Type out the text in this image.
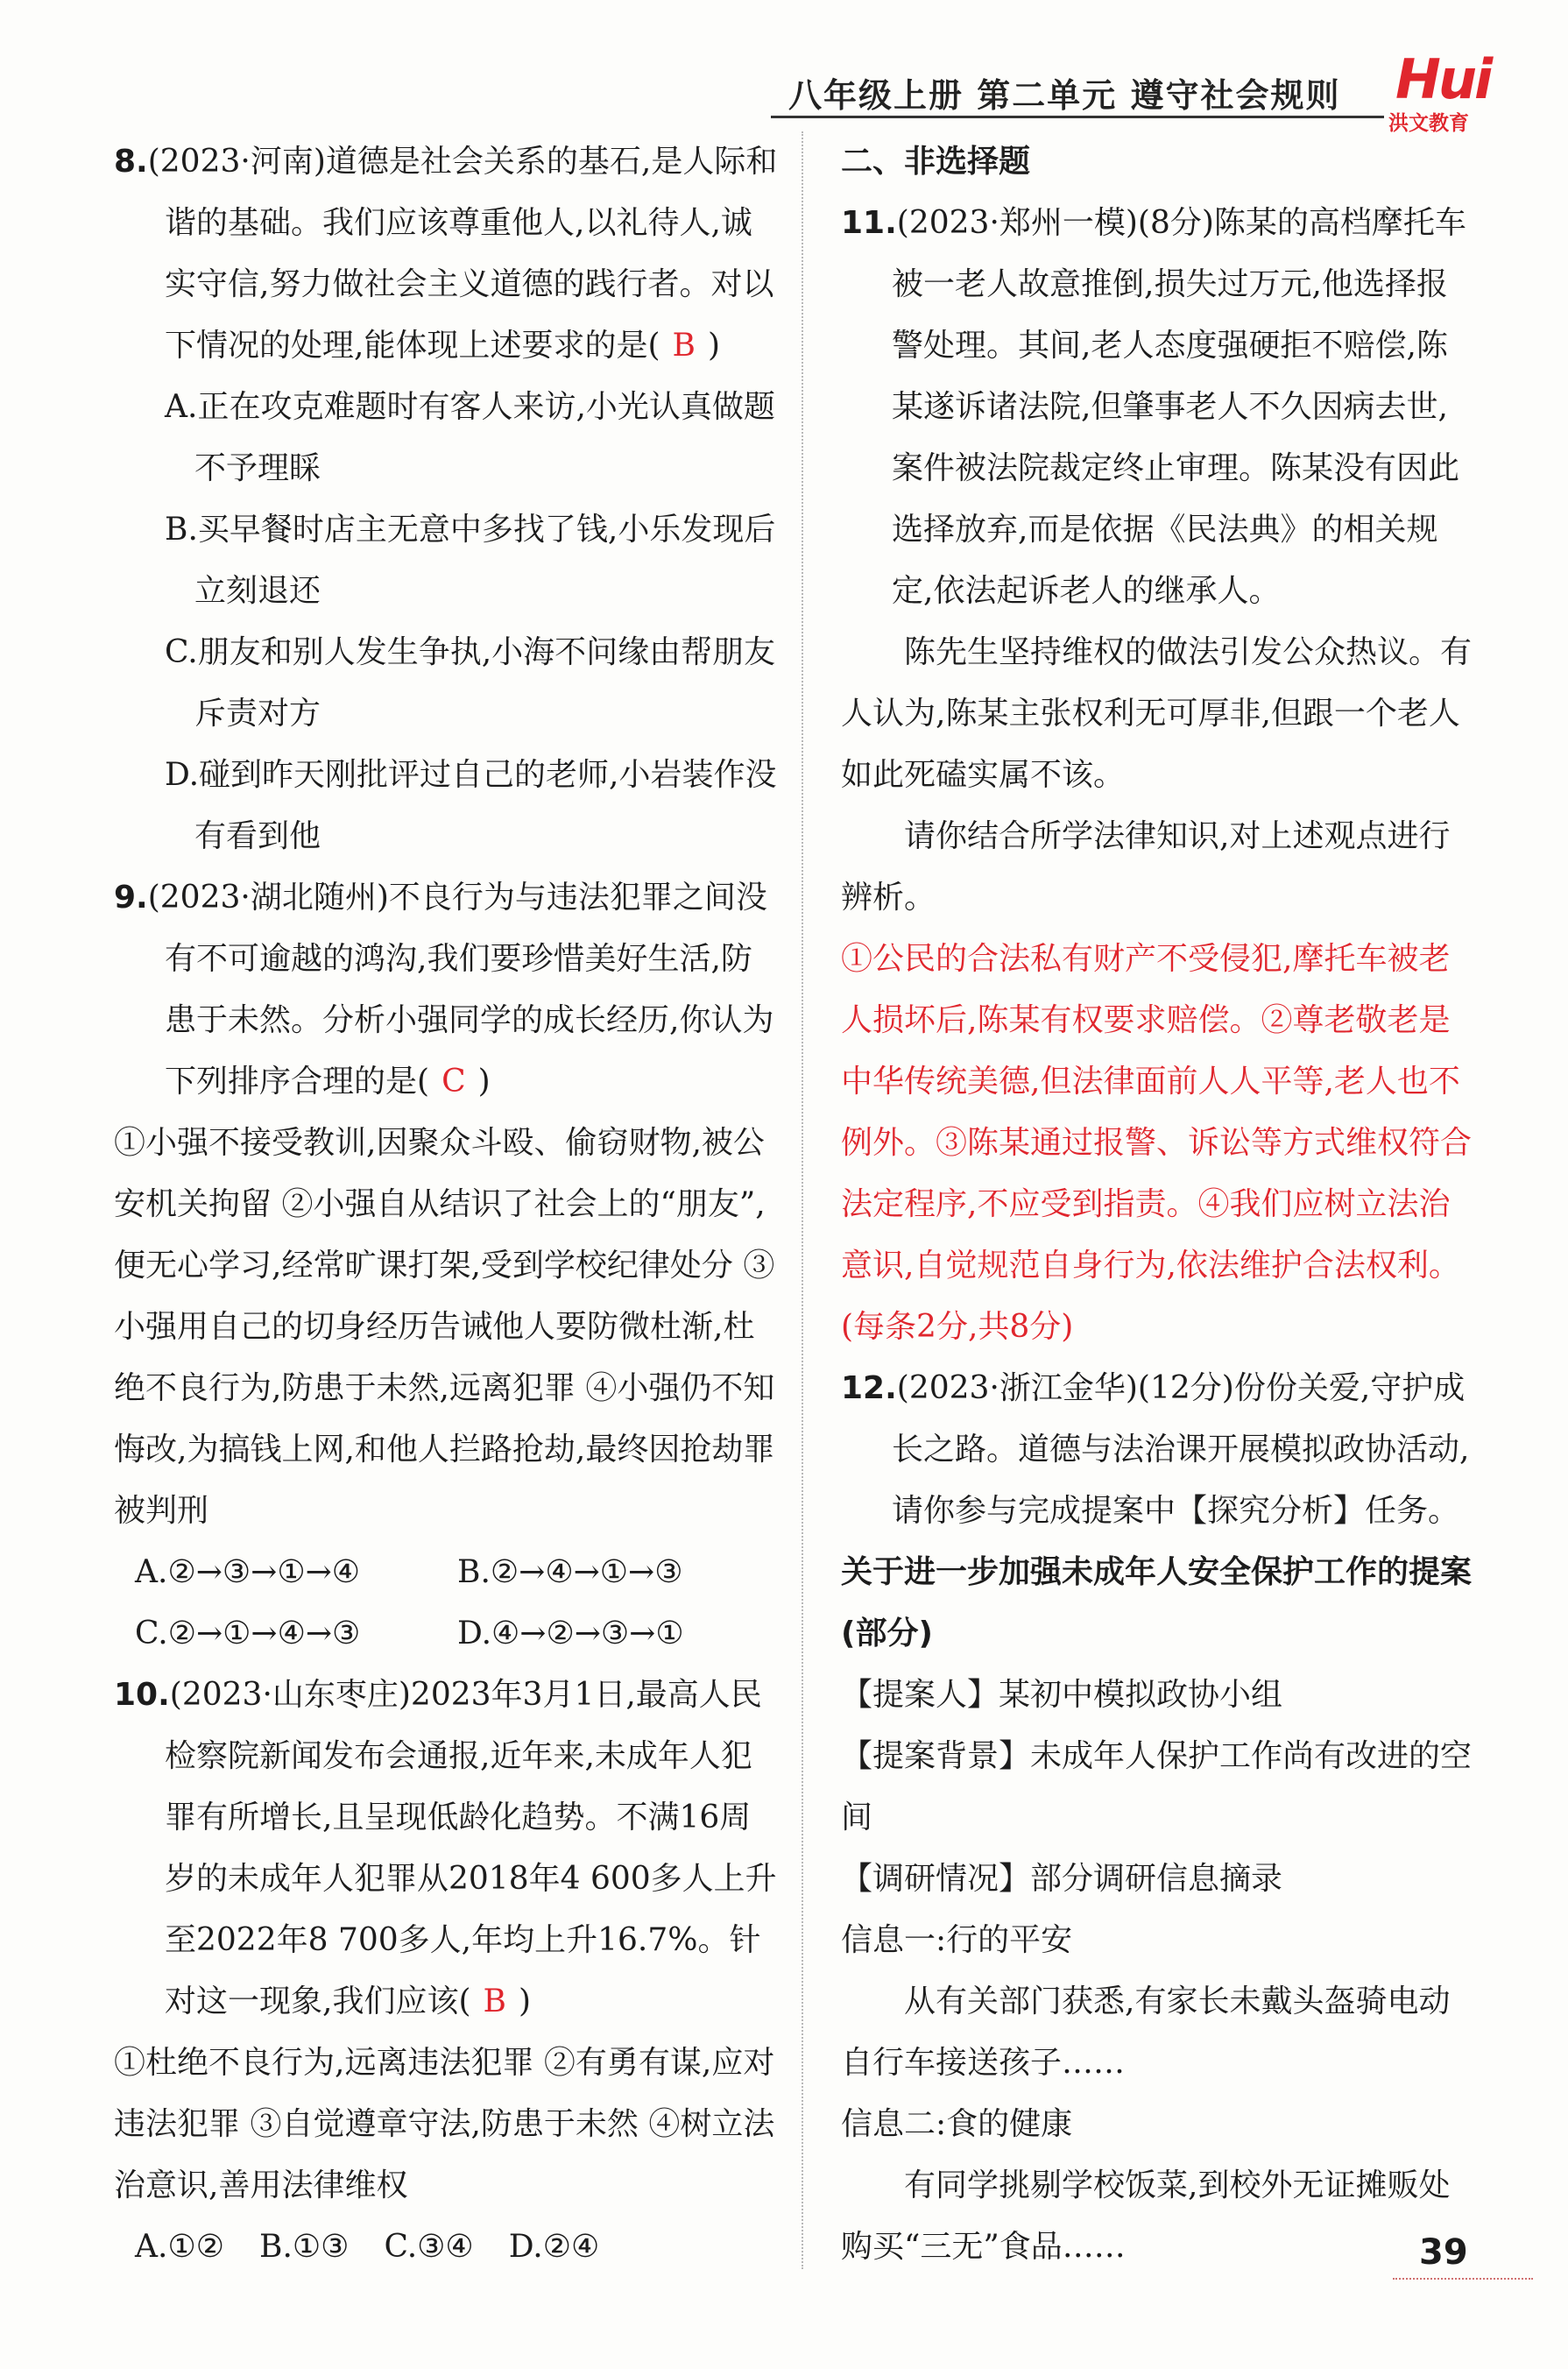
八年级上册 第二单元 遵守社会规则 Hui
洪文教育

8.(2023·河南)道德是社会关系的基石,是人际和谐的基础。我们应该尊重他人,以礼待人,诚实守信,努力做社会主义道德的践行者。对以下情况的处理,能体现上述要求的是( B )

A.正在攻克难题时有客人来访,小光认真做题不予理睬

B.买早餐时店主无意中多找了钱,小乐发现后立刻退还

C.朋友和别人发生争执,小海不问缘由帮朋友斥责对方

D.碰到昨天刚批评过自己的老师,小岩装作没有看到他

9.(2023·湖北随州)不良行为与违法犯罪之间没有不可逾越的鸿沟,我们要珍惜美好生活,防患于未然。分析小强同学的成长经历,你认为下列排序合理的是( C )

①小强不接受教训,因聚众斗殴、偷窃财物,被公安机关拘留 ②小强自从结识了社会上的“朋友”,便无心学习,经常旷课打架,受到学校纪律处分 ③小强用自己的切身经历告诫他人要防微杜渐,杜绝不良行为,防患于未然,远离犯罪 ④小强仍不知悔改,为搞钱上网,和他人拦路抢劫,最终因抢劫罪被判刑

A.②→③→①→④	B.②→④→①→③
C.②→①→④→③	D.④→②→③→①

10.(2023·山东枣庄)2023年3月1日,最高人民检察院新闻发布会通报,近年来,未成年人犯罪有所增长,且呈现低龄化趋势。不满16周岁的未成年人犯罪从2018年4 600多人上升至2022年8 700多人,年均上升16.7%。针对这一现象,我们应该( B )

①杜绝不良行为,远离违法犯罪 ②有勇有谋,应对违法犯罪 ③自觉遵章守法,防患于未然 ④树立法治意识,善用法律维权

A.①② B.①③ C.③④ D.②④

二、非选择题

11.(2023·郑州一模)(8分)陈某的高档摩托车被一老人故意推倒,损失过万元,他选择报警处理。其间,老人态度强硬拒不赔偿,陈某遂诉诸法院,但肇事老人不久因病去世,案件被法院裁定终止审理。陈某没有因此选择放弃,而是依据《民法典》的相关规定,依法起诉老人的继承人。

陈先生坚持维权的做法引发公众热议。有人认为,陈某主张权利无可厚非,但跟一个老人如此死磕实属不该。

请你结合所学法律知识,对上述观点进行辨析。

①公民的合法私有财产不受侵犯,摩托车被老人损坏后,陈某有权要求赔偿。②尊老敬老是中华传统美德,但法律面前人人平等,老人也不例外。③陈某通过报警、诉讼等方式维权符合法定程序,不应受到指责。④我们应树立法治意识,自觉规范自身行为,依法维护合法权利。(每条2分,共8分)

12.(2023·浙江金华)(12分)份份关爱,守护成长之路。道德与法治课开展模拟政协活动,请你参与完成提案中【探究分析】任务。

关于进一步加强未成年人安全保护工作的提案(部分)

【提案人】某初中模拟政协小组

【提案背景】未成年人保护工作尚有改进的空间

【调研情况】部分调研信息摘录

信息一:行的平安

从有关部门获悉,有家长未戴头盔骑电动自行车接送孩子……

信息二:食的健康

有同学挑剔学校饭菜,到校外无证摊贩处购买“三无”食品……	39
